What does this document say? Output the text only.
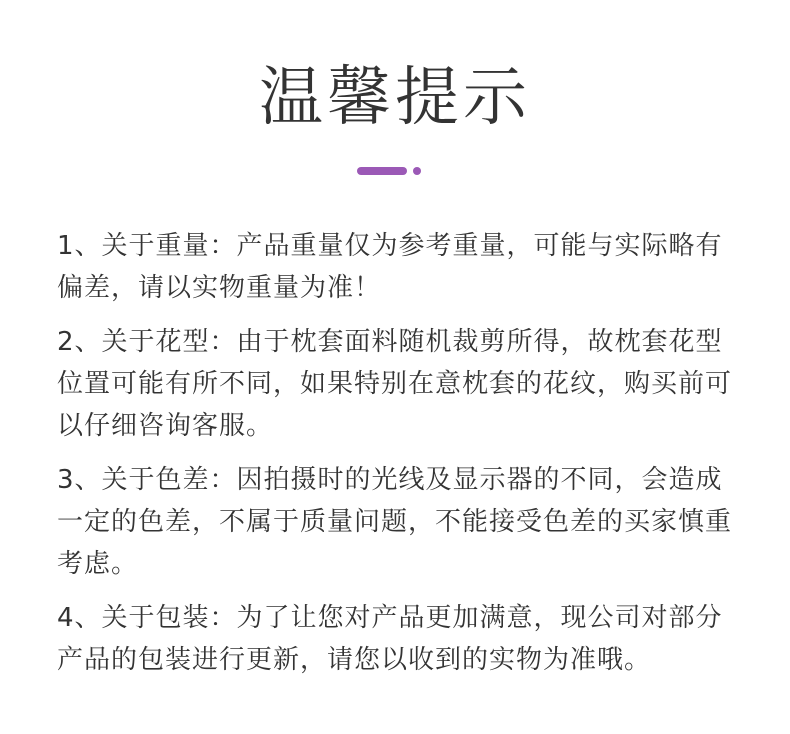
温馨提示
1、关于重量：产品重量仅为参考重量，可能与实际略有偏差，请以实物重量为准！
2、关于花型：由于枕套面料随机裁剪所得，故枕套花型位置可能有所不同，如果特别在意枕套的花纹，购买前可以仔细咨询客服。
3、关于色差：因拍摄时的光线及显示器的不同，会造成一定的色差，不属于质量问题，不能接受色差的买家慎重考虑。
4、关于包装：为了让您对产品更加满意，现公司对部分产品的包装进行更新，请您以收到的实物为准哦。
